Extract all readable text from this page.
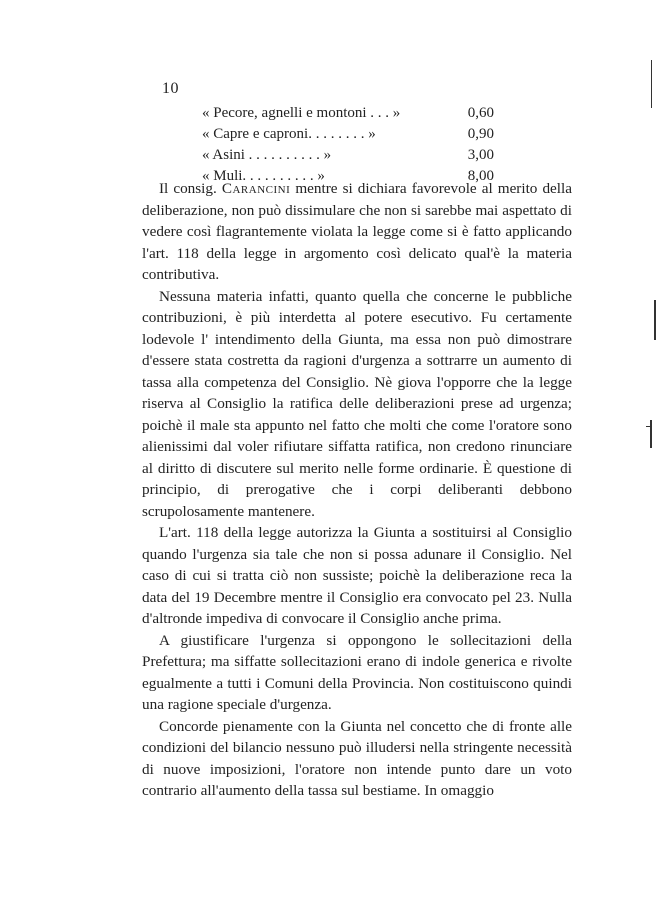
10
« Pecore, agnelli e montoni . . . »	0,60
« Capre e caproni. . . . . . . . »	0,90
« Asini . . . . . . . . . . »	3,00
« Muli. . . . . . . . . . »	8,00

Il consig. Carancini mentre si dichiara favorevole al merito della deliberazione, non può dissimulare che non si sarebbe mai aspettato di vedere così flagrantemente violata la legge come si è fatto applicando l'art. 118 della legge in argomento così delicato qual'è la materia contributiva.

Nessuna materia infatti, quanto quella che concerne le pubbliche contribuzioni, è più interdetta al potere esecutivo. Fu certamente lodevole l' intendimento della Giunta, ma essa non può dimostrare d'essere stata costretta da ragioni d'urgenza a sottrarre un aumento di tassa alla competenza del Consiglio. Nè giova l'opporre che la legge riserva al Consiglio la ratifica delle deliberazioni prese ad urgenza; poichè il male sta appunto nel fatto che molti che come l'oratore sono alienissimi dal voler rifiutare siffatta ratifica, non credono rinunciare al diritto di discutere sul merito nelle forme ordinarie. È questione di principio, di prerogative che i corpi deliberanti debbono scrupolosamente mantenere.

L'art. 118 della legge autorizza la Giunta a sostituirsi al Consiglio quando l'urgenza sia tale che non si possa adunare il Consiglio. Nel caso di cui si tratta ciò non sussiste; poichè la deliberazione reca la data del 19 Decembre mentre il Consiglio era convocato pel 23. Nulla d'altronde impediva di convocare il Consiglio anche prima.

A giustificare l'urgenza si oppongono le sollecitazioni della Prefettura; ma siffatte sollecitazioni erano di indole generica e rivolte egualmente a tutti i Comuni della Provincia. Non costituiscono quindi una ragione speciale d'urgenza.

Concorde pienamente con la Giunta nel concetto che di fronte alle condizioni del bilancio nessuno può illudersi nella stringente necessità di nuove imposizioni, l'oratore non intende punto dare un voto contrario all'aumento della tassa sul bestiame. In omaggio
